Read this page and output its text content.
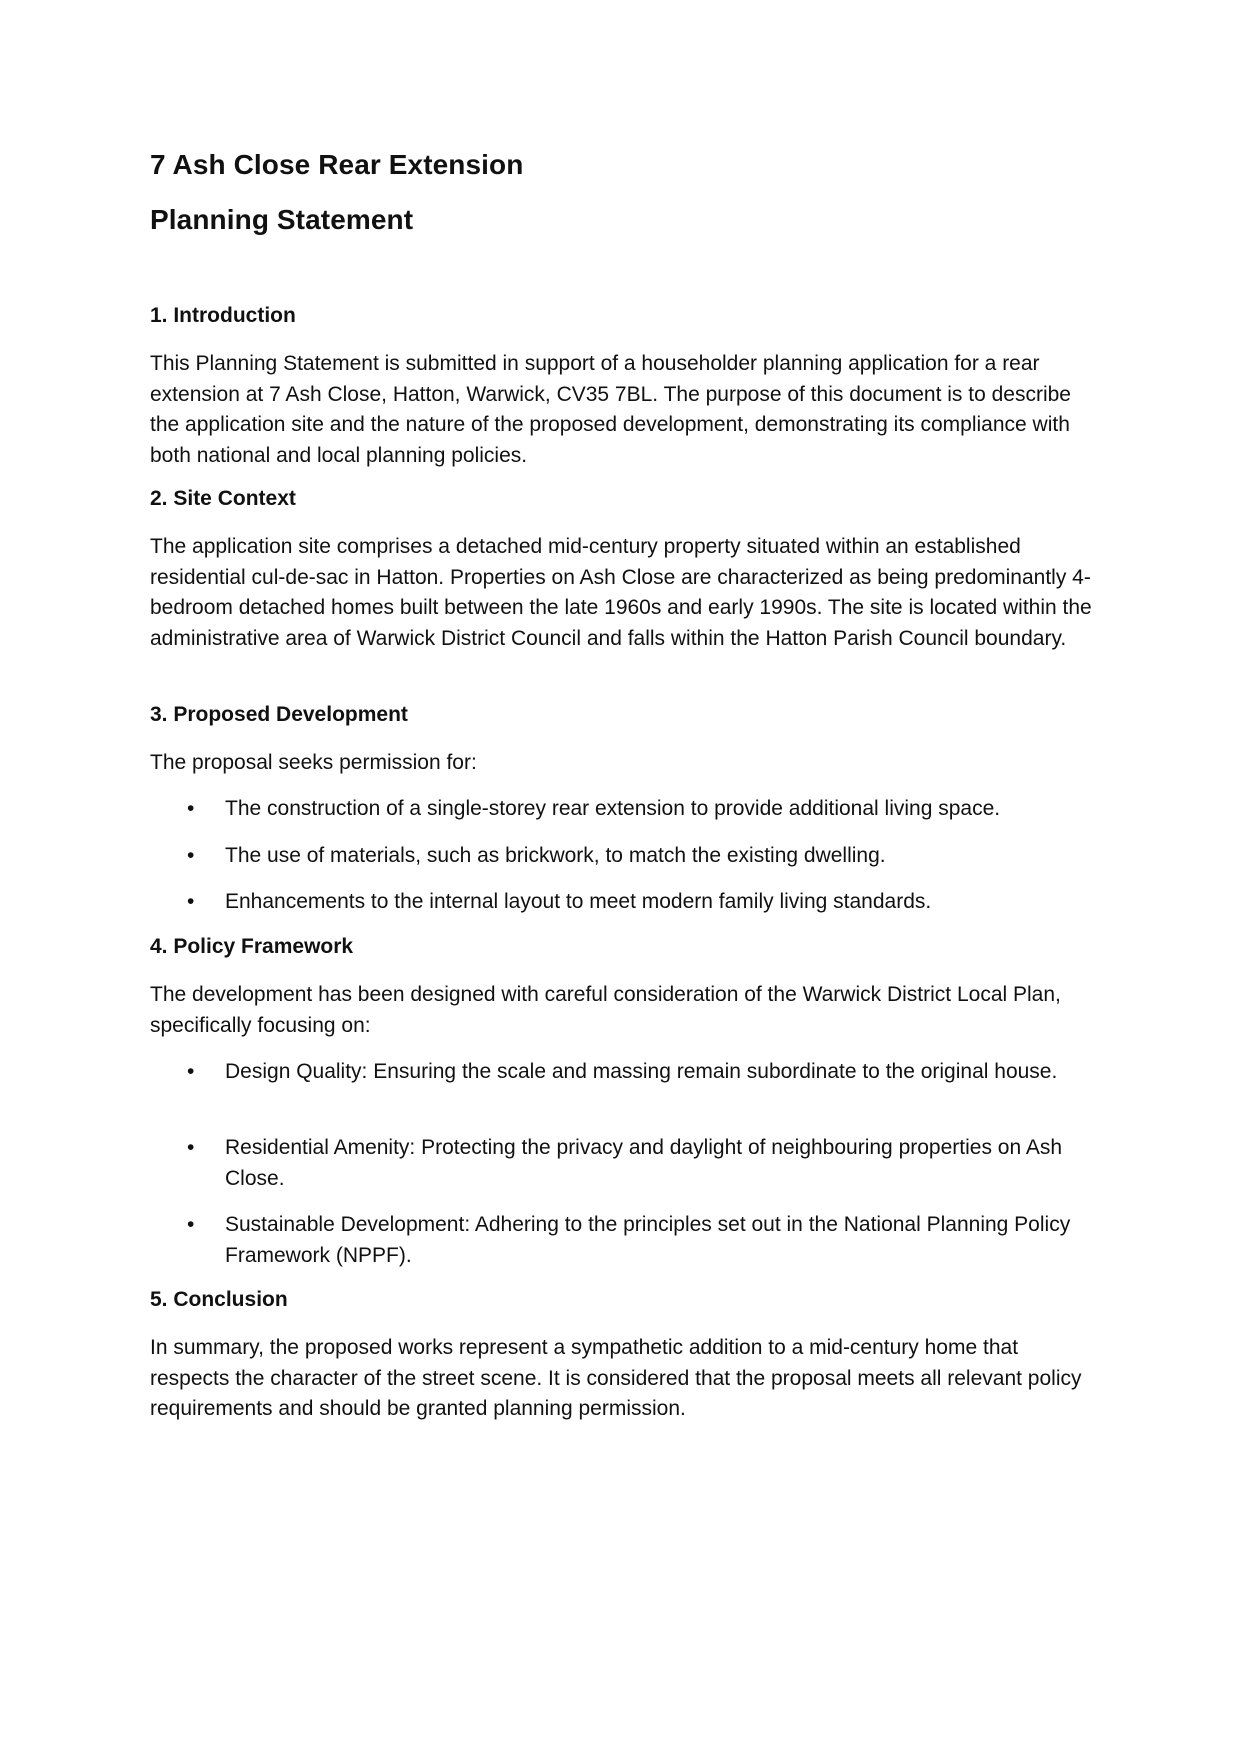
7 Ash Close Rear Extension
Planning Statement
1. Introduction

This Planning Statement is submitted in support of a householder planning application for a rear extension at 7 Ash Close, Hatton, Warwick, CV35 7BL. The purpose of this document is to describe the application site and the nature of the proposed development, demonstrating its compliance with both national and local planning policies.

2. Site Context

The application site comprises a detached mid-century property situated within an established residential cul-de-sac in Hatton. Properties on Ash Close are characterized as being predominantly 4-bedroom detached homes built between the late 1960s and early 1990s. The site is located within the administrative area of Warwick District Council and falls within the Hatton Parish Council boundary.

3. Proposed Development

The proposal seeks permission for:

• The construction of a single-storey rear extension to provide additional living space.
• The use of materials, such as brickwork, to match the existing dwelling.
• Enhancements to the internal layout to meet modern family living standards.
4. Policy Framework

The development has been designed with careful consideration of the Warwick District Local Plan, specifically focusing on:

• Design Quality: Ensuring the scale and massing remain subordinate to the original house.
• Residential Amenity: Protecting the privacy and daylight of neighbouring properties on Ash Close.
• Sustainable Development: Adhering to the principles set out in the National Planning Policy Framework (NPPF).
5. Conclusion

In summary, the proposed works represent a sympathetic addition to a mid-century home that respects the character of the street scene. It is considered that the proposal meets all relevant policy requirements and should be granted planning permission.
